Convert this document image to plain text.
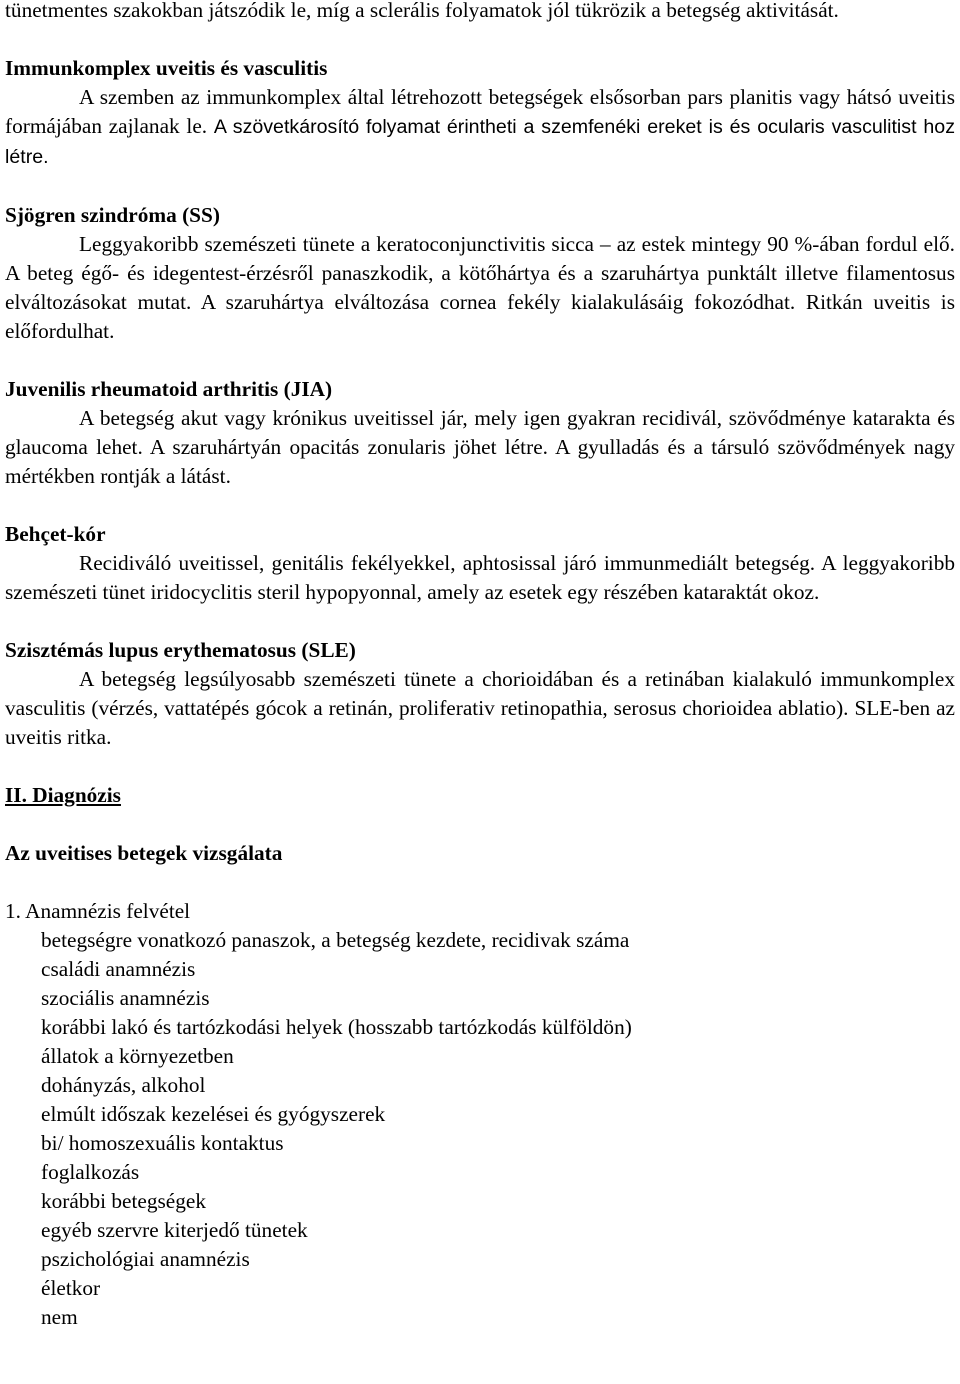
tünetmentes szakokban játszódik le, míg a sclerális folyamatok jól tükrözik a betegség aktivitását.

Immunkomplex uveitis és vasculitis

A szemben az immunkomplex által létrehozott betegségek elsősorban pars planitis vagy hátsó uveitis formájában zajlanak le. A szövetkárosító folyamat érintheti a szemfenéki ereket is és ocularis vasculitist hoz létre.

Sjögren szindróma (SS)

Leggyakoribb szemészeti tünete a keratoconjunctivitis sicca – az estek mintegy 90 %-ában fordul elő. A beteg égő- és idegentest-érzésről panaszkodik, a kötőhártya és a szaruhártya punktált illetve filamentosus elváltozásokat mutat. A szaruhártya elváltozása cornea fekély kialakulásáig fokozódhat. Ritkán uveitis is előfordulhat.

Juvenilis rheumatoid arthritis (JIA)

A betegség akut vagy krónikus uveitissel jár, mely igen gyakran recidivál, szövődménye katarakta és glaucoma lehet. A szaruhártyán opacitás zonularis jöhet létre. A gyulladás és a társuló szövődmények nagy mértékben rontják a látást.

Behçet-kór

Recidiváló uveitissel, genitális fekélyekkel, aphtosissal járó immunmediált betegség. A leggyakoribb szemészeti tünet iridocyclitis steril hypopyonnal, amely az esetek egy részében kataraktát okoz.

Szisztémás lupus erythematosus (SLE)

A betegség legsúlyosabb szemészeti tünete a chorioidában és a retinában kialakuló immunkomplex vasculitis (vérzés, vattatépés gócok a retinán, proliferativ retinopathia, serosus chorioidea ablatio). SLE-ben az uveitis ritka.

II. Diagnózis

Az uveitises betegek vizsgálata

1. Anamnézis felvétel

betegségre vonatkozó panaszok, a betegség kezdete, recidivak száma
családi anamnézis
szociális anamnézis
korábbi lakó és tartózkodási helyek (hosszabb tartózkodás külföldön)
állatok a környezetben
dohányzás, alkohol
elmúlt időszak kezelései és gyógyszerek
bi/ homoszexuális kontaktus
foglalkozás
korábbi betegségek
egyéb szervre kiterjedő tünetek
pszichológiai anamnézis
életkor
nem
